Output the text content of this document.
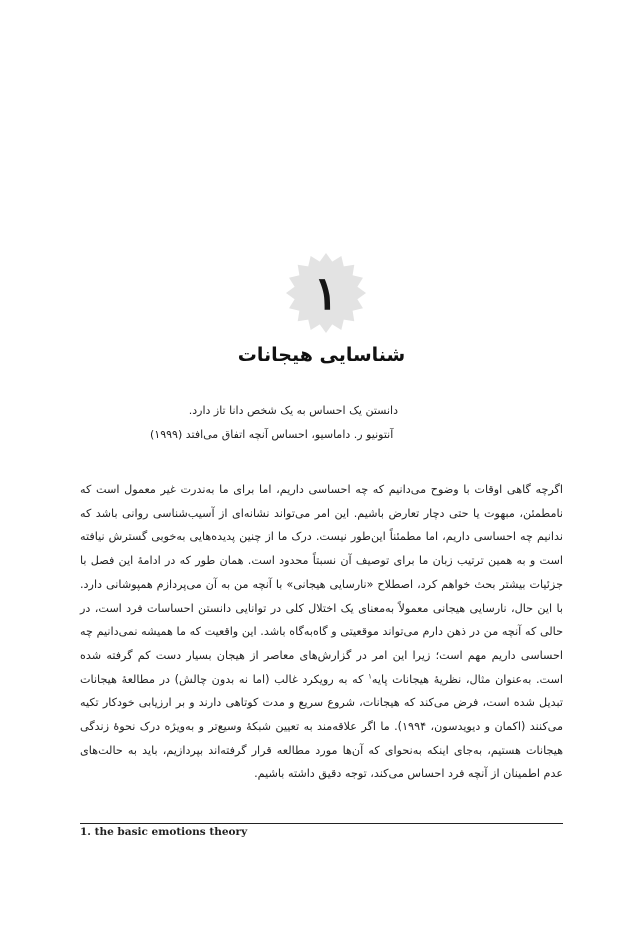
۱
شناسایی هیجانات
دانستن یک احساس به یک شخص دانا تاز دارد.
آنتونیو ر. داماسیو، احساس آنچه اتفاق می‌افتد (۱۹۹۹)

اگرچه گاهی اوقات با وضوح می‌دانیم که چه احساسی داریم، اما برای ما به‌ندرت غیر معمول است که نامطمئن، مبهوت یا حتی دچار تعارض باشیم. این امر می‌تواند نشانه‌ای از آسیب‌شناسی روانی باشد که ندانیم چه احساسی داریم، اما مطمئناً این‌طور نیست. درک ما از چنین پدیده‌هایی به‌خوبی گسترش نیافته است و به همین ترتیب زبان ما برای توصیف آن نسبتاً محدود است. همان طور که در ادامهٔ این فصل با جزئیات بیشتر بحث خواهم کرد، اصطلاح «نارسایی هیجانی» با آنچه من به آن می‌پردازم همپوشانی دارد. با این حال، نارسایی هیجانی معمولاً به‌معنای یک اختلال کلی در توانایی دانستن احساسات فرد است، در حالی که آنچه من در ذهن دارم می‌تواند موقعیتی و گاه‌به‌گاه باشد. این واقعیت که ما همیشه نمی‌دانیم چه احساسی داریم مهم است؛ زیرا این امر در گزارش‌های معاصر از هیجان بسیار دست کم گرفته شده است. به‌عنوان مثال، نظریهٔ هیجانات پایه$^۱$ که به رویکرد غالب (اما نه بدون چالش) در مطالعهٔ هیجانات تبدیل شده است، فرض می‌کند که هیجانات، شروع سریع و مدت کوتاهی دارند و بر ارزیابی خودکار تکیه می‌کنند (اکمان و دیویدسون، ۱۹۹۴). ما اگر علاقه‌مند به تعیین شبکهٔ وسیع‌تر و به‌ویژه درک نحوهٔ زندگی هیجانات هستیم، به‌جای اینکه به‌نحوای که آن‌ها مورد مطالعه قرار گرفته‌اند بپردازیم، باید به حالت‌های عدم اطمینان از آنچه فرد احساس می‌کند، توجه دقیق داشته باشیم.

1. the basic emotions theory
